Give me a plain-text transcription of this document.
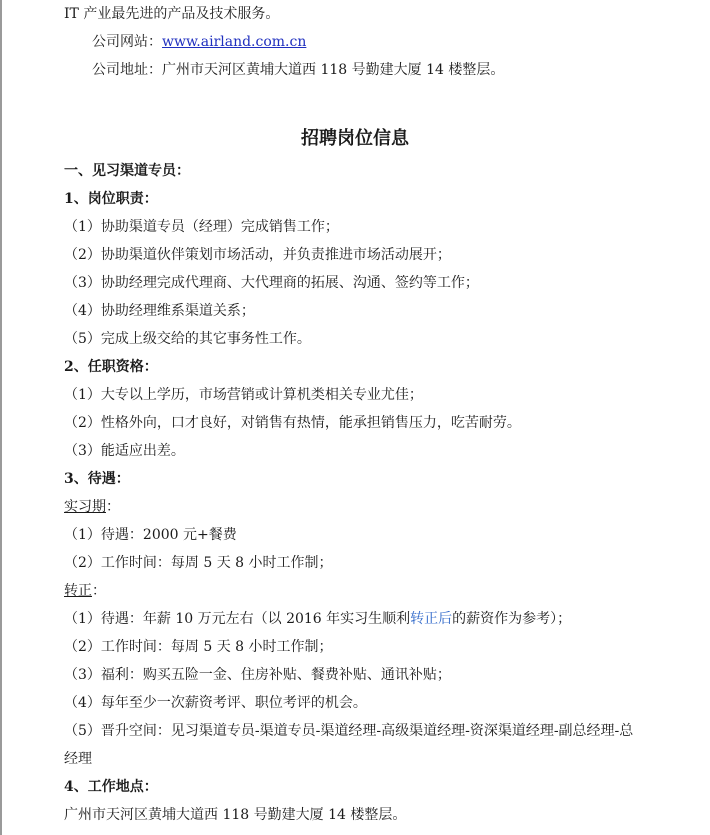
IT 产业最先进的产品及技术服务。
公司网站：www.airland.com.cn
公司地址：广州市天河区黄埔大道西 118 号勤建大厦 14 楼整层。
招聘岗位信息
一、见习渠道专员：
1、岗位职责：
（1）协助渠道专员（经理）完成销售工作；
（2）协助渠道伙伴策划市场活动，并负责推进市场活动展开；
（3）协助经理完成代理商、大代理商的拓展、沟通、签约等工作；
（4）协助经理维系渠道关系；
（5）完成上级交给的其它事务性工作。
2、任职资格：
（1）大专以上学历，市场营销或计算机类相关专业尤佳；
（2）性格外向，口才良好，对销售有热情，能承担销售压力，吃苦耐劳。
（3）能适应出差。
3、待遇：
实习期：
（1）待遇：2000 元+餐费
（2）工作时间：每周 5 天 8 小时工作制；
转正：
（1）待遇：年薪 10 万元左右（以 2016 年实习生顺利转正后的薪资作为参考）；
（2）工作时间：每周 5 天 8 小时工作制；
（3）福利：购买五险一金、住房补贴、餐费补贴、通讯补贴；
（4）每年至少一次薪资考评、职位考评的机会。
（5）晋升空间：见习渠道专员-渠道专员-渠道经理-高级渠道经理-资深渠道经理-副总经理-总
经理
4、工作地点：
广州市天河区黄埔大道西 118 号勤建大厦 14 楼整层。
